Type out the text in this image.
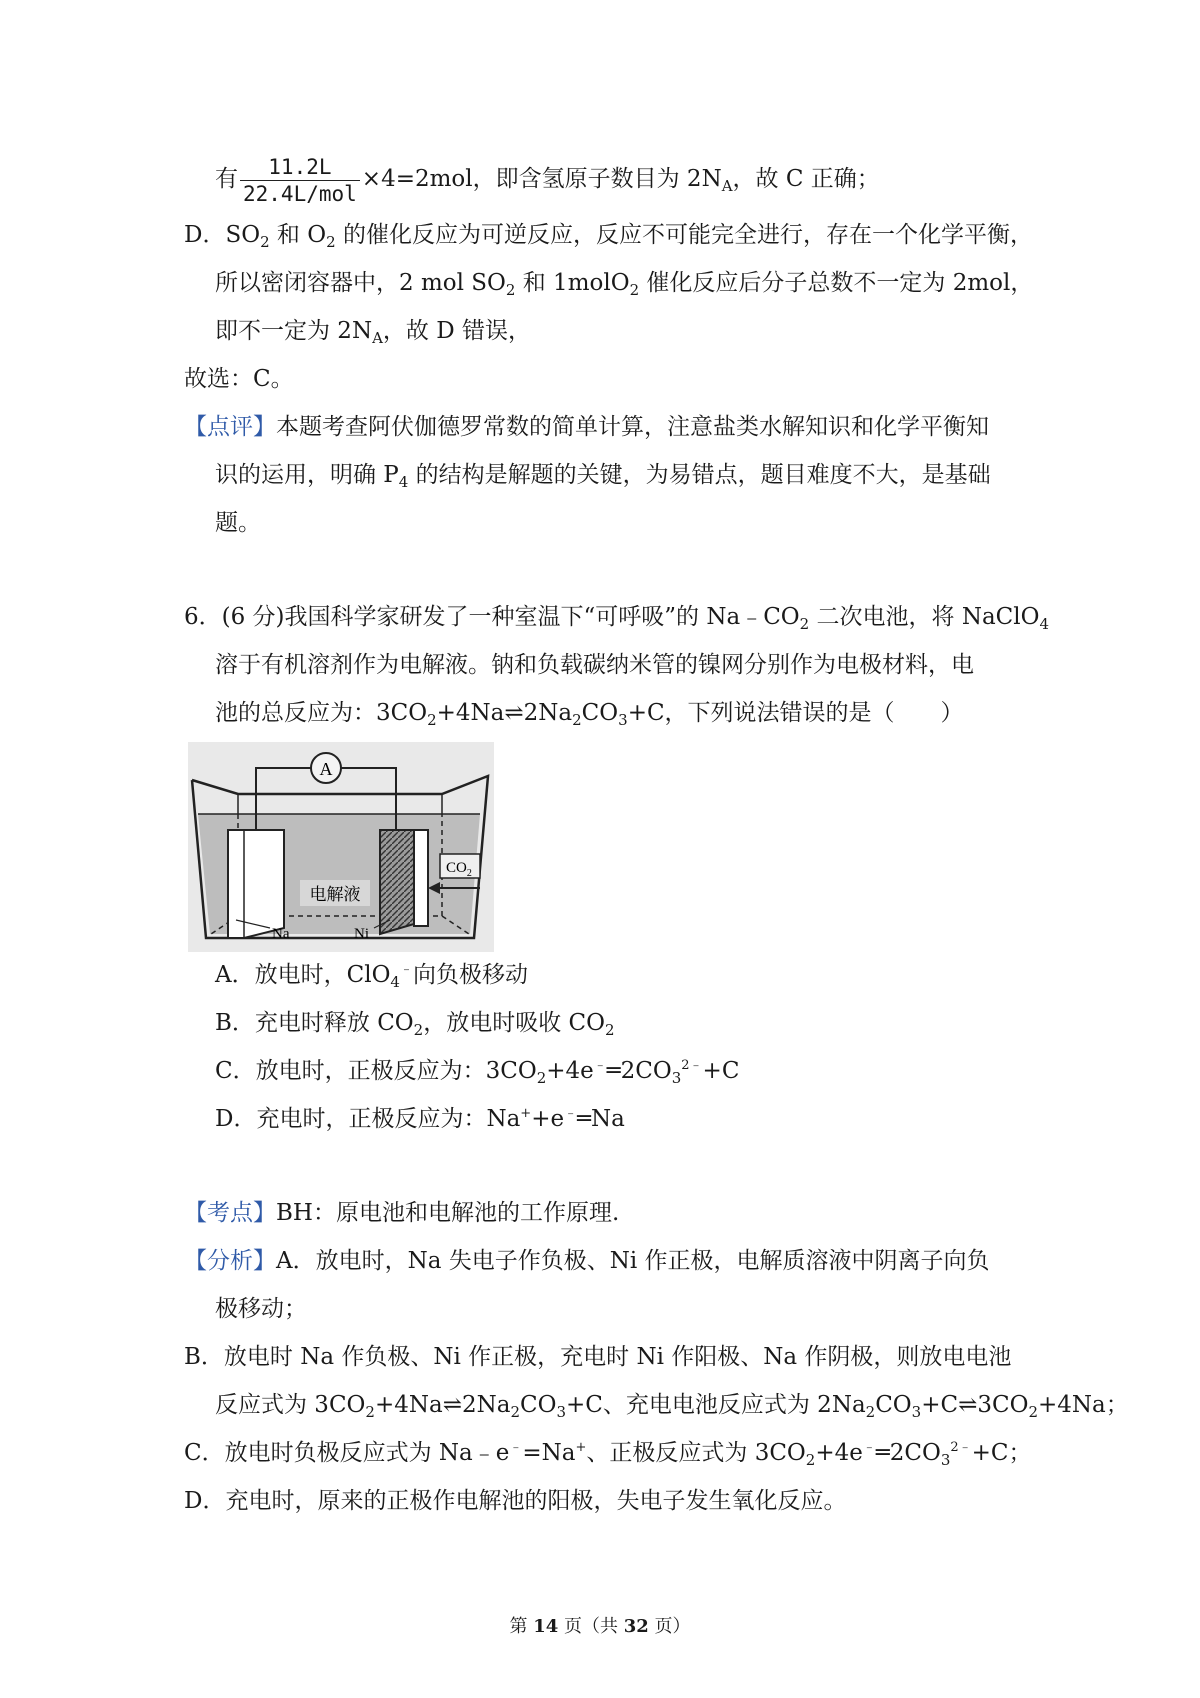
有 $\frac{11.2L}{\text{22.4L/mol}} \times 4=2mol$，即含氢原子数目为 $2N_A$，故 C 正确；
D．$SO_2$ 和 $O_2$ 的催化反应为可逆反应，反应不可能完全进行，存在一个化学平衡，
所以密闭容器中，2 mol $SO_2$ 和 1molO$_2$ 催化反应后分子总数不一定为 2mol，
即不一定为 $2N_A$，故 D 错误，
故选：C。
【点评】本题考查阿伏伽德罗常数的简单计算，注意盐类水解知识和化学平衡知
识的运用，明确 $P_4$ 的结构是解题的关键，为易错点，题目难度不大，是基础
题。
6．(6 分)我国科学家研发了一种室温下“可呼吸”的 $Na﹣CO_2$ 二次电池，将 NaClO$_4$
溶于有机溶剂作为电解液。钠和负载碳纳米管的镍网分别作为电极材料，电
池的总反应为：$3CO_2+4Na\rightleftharpoons 2Na_2CO_3+C$，下列说法错误的是（　　）
A
电解液
Na	Ni
$CO_2$
A．放电时，ClO$_4$﹣向负极移动
B．充电时释放 $CO_2$，放电时吸收 $CO_2$
C．放电时，正极反应为：$3CO_2+4e^﹣═2CO_3^{2﹣}+C$
D．充电时，正极反应为：Na++e﹣═Na
【考点】BH：原电池和电解池的工作原理.
【分析】A．放电时，Na 失电子作负极、Ni 作正极，电解质溶液中阴离子向负
极移动；
B．放电时 Na 作负极、Ni 作正极，充电时 Ni 作阳极、Na 作阴极，则放电电池
反应式为 $3CO_2+4Na\rightleftharpoons 2Na_2CO_3+C$、充电电池反应式为 $2Na_2CO_3+C\rightleftharpoons 3CO_2+4Na$；
C．放电时负极反应式为 Na﹣e﹣=Na+、正极反应式为 $3CO_2+4e^﹣═2CO_3^{2﹣}+C$；
D．充电时，原来的正极作电解池的阳极，失电子发生氧化反应。
第 14 页（共 32 页）
